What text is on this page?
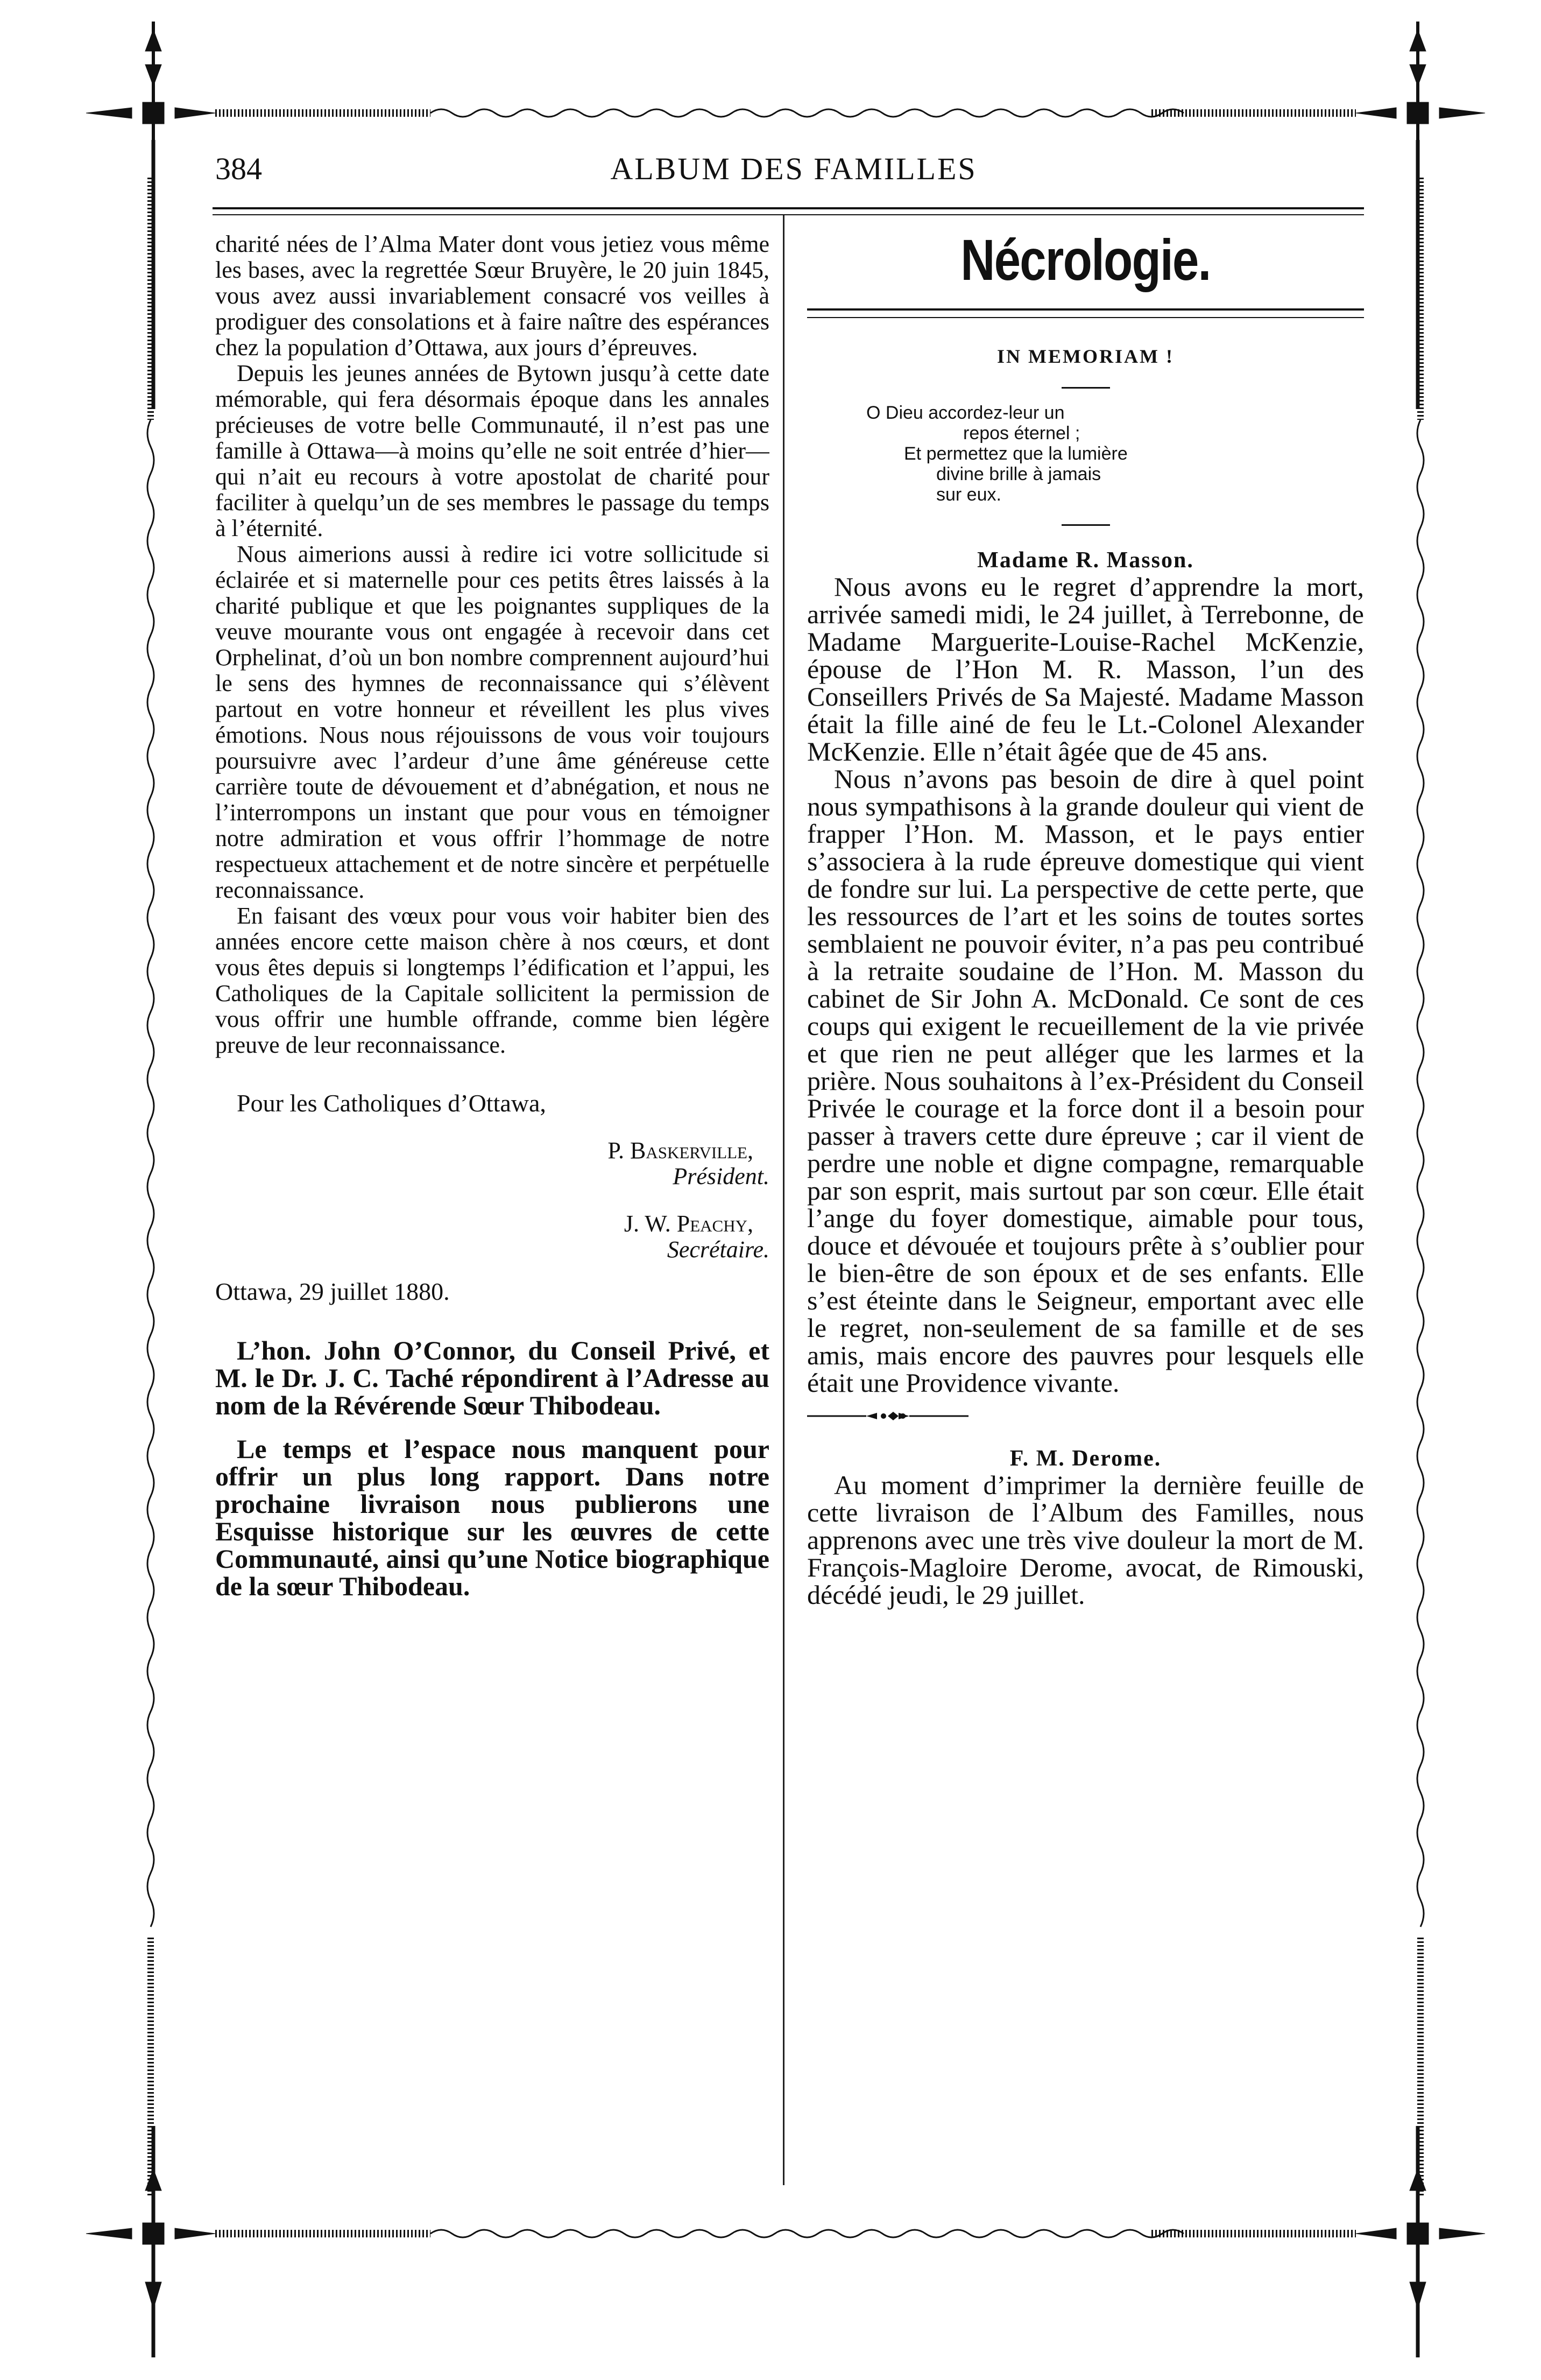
384	ALBUM DES FAMILLES

charité nées de l’Alma Mater dont vous jetiez vous même les bases, avec la regrettée Sœur Bruyère, le 20 juin 1845, vous avez aussi invariablement consacré vos veilles à prodiguer des consolations et à faire naître des espérances chez la population d’Ottawa, aux jours d’épreuves.

Depuis les jeunes années de Bytown jusqu’à cette date mémorable, qui fera désormais époque dans les annales précieuses de votre belle Communauté, il n’est pas une famille à Ottawa—à moins qu’elle ne soit entrée d’hier—qui n’ait eu recours à votre apostolat de charité pour faciliter à quelqu’un de ses membres le passage du temps à l’éternité.

Nous aimerions aussi à redire ici votre sollicitude si éclairée et si maternelle pour ces petits êtres laissés à la charité publique et que les poignantes suppliques de la veuve mourante vous ont engagée à recevoir dans cet Orphelinat, d’où un bon nombre comprennent aujourd’hui le sens des hymnes de reconnaissance qui s’élèvent partout en votre honneur et réveillent les plus vives émotions. Nous nous réjouissons de vous voir toujours poursuivre avec l’ardeur d’une âme généreuse cette carrière toute de dévouement et d’abnégation, et nous ne l’interrompons un instant que pour vous en témoigner notre admiration et vous offrir l’hommage de notre respectueux attachement et de notre sincère et perpétuelle reconnaissance.

En faisant des vœux pour vous voir habiter bien des années encore cette maison chère à nos cœurs, et dont vous êtes depuis si longtemps l’édification et l’appui, les Catholiques de la Capitale sollicitent la permission de vous offrir une humble offrande, comme bien légère preuve de leur reconnaissance.

Pour les Catholiques d’Ottawa,

P. Baskerville,

Président.

J. W. Peachy,

Secrétaire.

Ottawa, 29 juillet 1880.

L’hon. John O’Connor, du Conseil Privé, et M. le Dr. J. C. Taché répondirent à l’Adresse au nom de la Révérende Sœur Thibodeau.

Le temps et l’espace nous manquent pour offrir un plus long rapport. Dans notre prochaine livraison nous publierons une Esquisse historique sur les œuvres de cette Communauté, ainsi qu’une Notice biographique de la sœur Thibodeau.

Nécrologie.
IN MEMORIAM !
O Dieu accordez-leur un
repos éternel ;
Et permettez que la lumière
divine brille à jamais
sur eux.
Madame R. Masson.

Nous avons eu le regret d’apprendre la mort, arrivée samedi midi, le 24 juillet, à Terrebonne, de Madame Marguerite-Louise-Rachel McKenzie, épouse de l’Hon M. R. Masson, l’un des Conseillers Privés de Sa Majesté. Madame Masson était la fille ainé de feu le Lt.-Colonel Alexander McKenzie. Elle n’était âgée que de 45 ans.

Nous n’avons pas besoin de dire à quel point nous sympathisons à la grande douleur qui vient de frapper l’Hon. M. Masson, et le pays entier s’associera à la rude épreuve domestique qui vient de fondre sur lui. La perspective de cette perte, que les ressources de l’art et les soins de toutes sortes semblaient ne pouvoir éviter, n’a pas peu contribué à la retraite soudaine de l’Hon. M. Masson du cabinet de Sir John A. McDonald. Ce sont de ces coups qui exigent le recueillement de la vie privée et que rien ne peut alléger que les larmes et la prière. Nous souhaitons à l’ex-Président du Conseil Privée le courage et la force dont il a besoin pour passer à travers cette dure épreuve ; car il vient de perdre une noble et digne compagne, remarquable par son esprit, mais surtout par son cœur. Elle était l’ange du foyer domestique, aimable pour tous, douce et dévouée et toujours prête à s’oublier pour le bien-être de son époux et de ses enfants. Elle s’est éteinte dans le Seigneur, emportant avec elle le regret, non-seulement de sa famille et de ses amis, mais encore des pauvres pour lesquels elle était une Providence vivante.

F. M. Derome.

Au moment d’imprimer la dernière feuille de cette livraison de l’Album des Familles, nous apprenons avec une très vive douleur la mort de M. François-Magloire Derome, avocat, de Rimouski, décédé jeudi, le 29 juillet.
